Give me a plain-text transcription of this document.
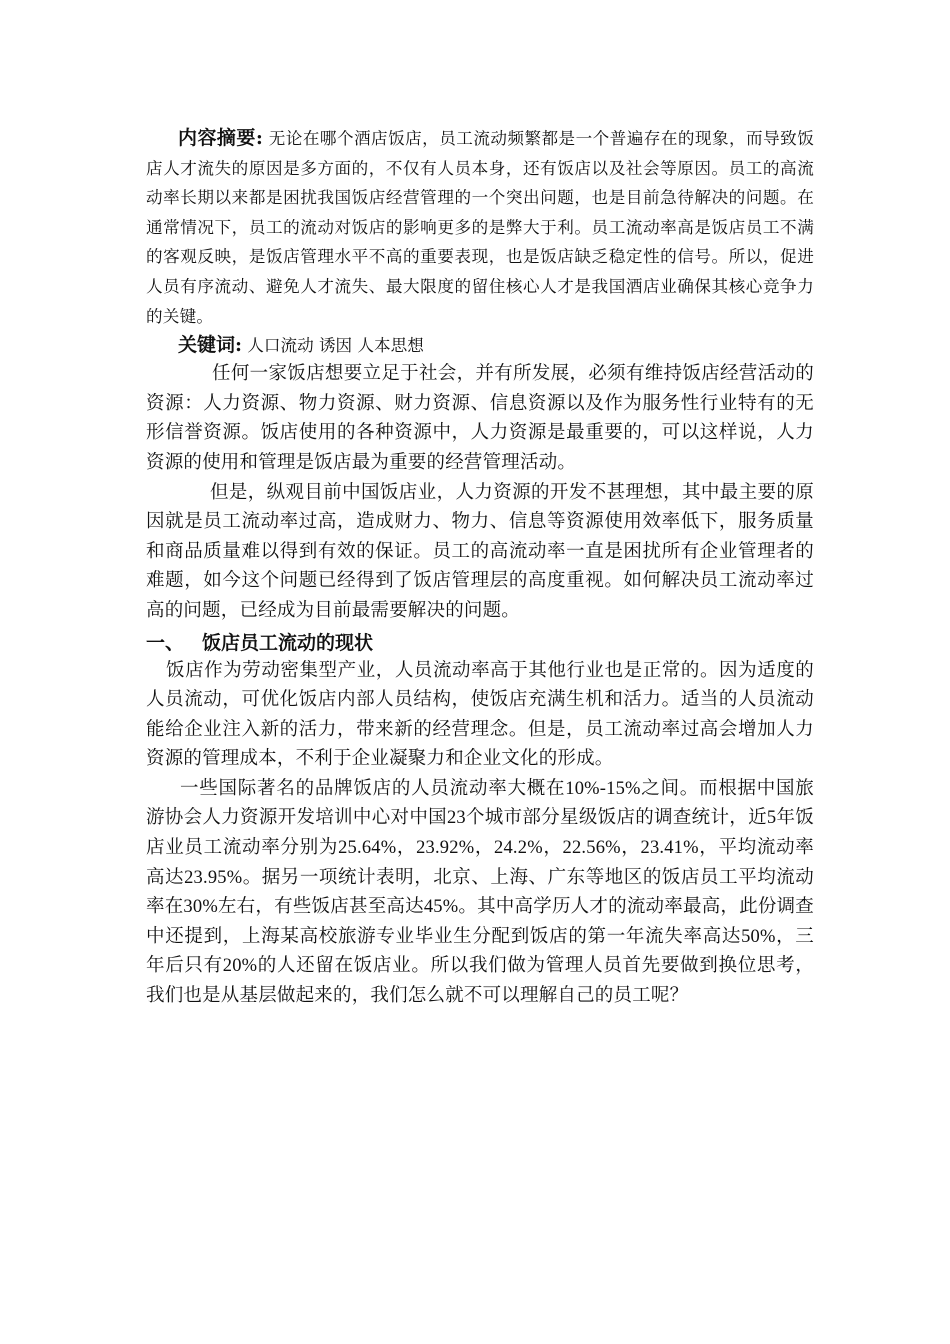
内容摘要: 无论在哪个酒店饭店，员工流动频繁都是一个普遍存在的现象，而导致饭店人才流失的原因是多方面的，不仅有人员本身，还有饭店以及社会等原因。员工的高流动率长期以来都是困扰我国饭店经营管理的一个突出问题，也是目前急待解决的问题。在通常情况下，员工的流动对饭店的影响更多的是弊大于利。员工流动率高是饭店员工不满的客观反映，是饭店管理水平不高的重要表现，也是饭店缺乏稳定性的信号。所以，促进人员有序流动、避免人才流失、最大限度的留住核心人才是我国酒店业确保其核心竞争力的关键。

关键词: 人口流动 诱因 人本思想

任何一家饭店想要立足于社会，并有所发展，必须有维持饭店经营活动的资源：人力资源、物力资源、财力资源、信息资源以及作为服务性行业特有的无形信誉资源。饭店使用的各种资源中，人力资源是最重要的，可以这样说，人力资源的使用和管理是饭店最为重要的经营管理活动。

但是，纵观目前中国饭店业，人力资源的开发不甚理想，其中最主要的原因就是员工流动率过高，造成财力、物力、信息等资源使用效率低下，服务质量和商品质量难以得到有效的保证。员工的高流动率一直是困扰所有企业管理者的难题，如今这个问题已经得到了饭店管理层的高度重视。如何解决员工流动率过高的问题，已经成为目前最需要解决的问题。

一、 饭店员工流动的现状

饭店作为劳动密集型产业，人员流动率高于其他行业也是正常的。因为适度的人员流动，可优化饭店内部人员结构，使饭店充满生机和活力。适当的人员流动能给企业注入新的活力，带来新的经营理念。但是，员工流动率过高会增加人力资源的管理成本，不利于企业凝聚力和企业文化的形成。

一些国际著名的品牌饭店的人员流动率大概在10%-15%之间。而根据中国旅游协会人力资源开发培训中心对中国23个城市部分星级饭店的调查统计，近5年饭店业员工流动率分别为25.64%，23.92%，24.2%，22.56%，23.41%，平均流动率高达23.95%。据另一项统计表明，北京、上海、广东等地区的饭店员工平均流动率在30%左右，有些饭店甚至高达45%。其中高学历人才的流动率最高，此份调查中还提到，上海某高校旅游专业毕业生分配到饭店的第一年流失率高达50%，三年后只有20%的人还留在饭店业。所以我们做为管理人员首先要做到换位思考，我们也是从基层做起来的，我们怎么就不可以理解自己的员工呢？
